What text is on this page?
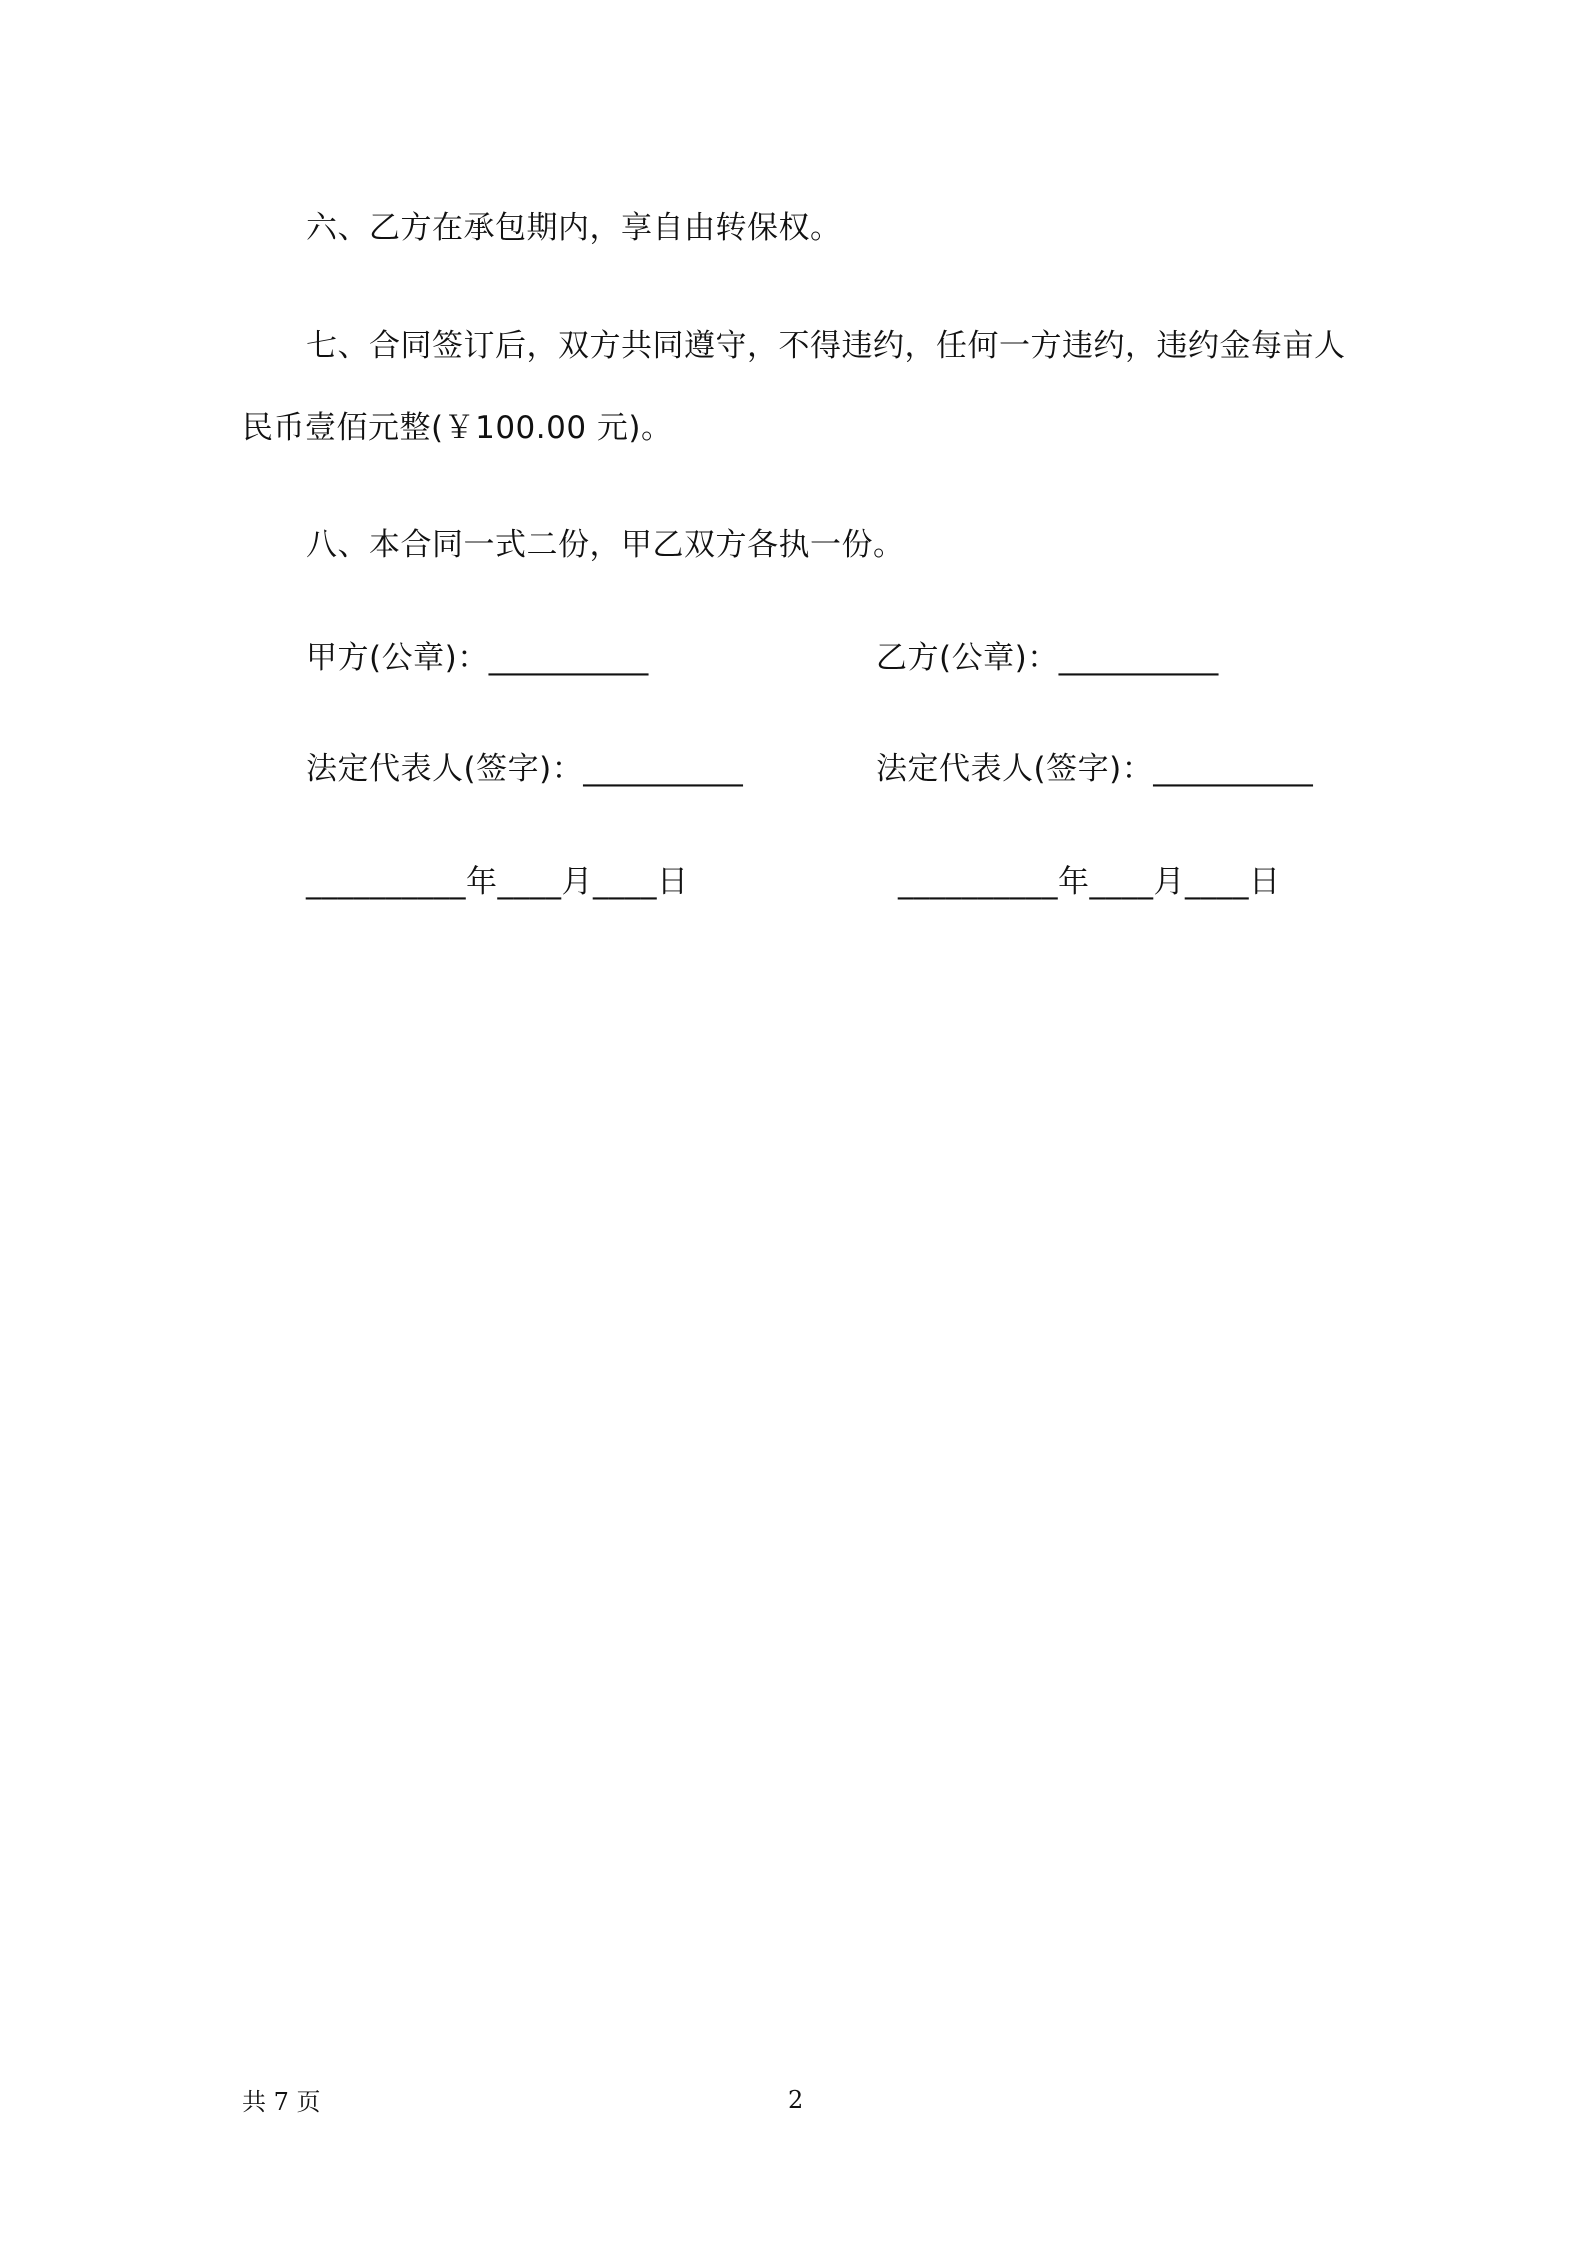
六、乙方在承包期内，享自由转保权。
七、合同签订后，双方共同遵守，不得违约，任何一方违约，违约金每亩人
民币壹佰元整(￥100.00 元)。
八、本合同一式二份，甲乙双方各执一份。
甲方(公章)：__________	乙方(公章)：__________
法定代表人(签字)：__________	法定代表人(签字)：__________
__________年____月____日	__________年____月____日
共 7 页	2
